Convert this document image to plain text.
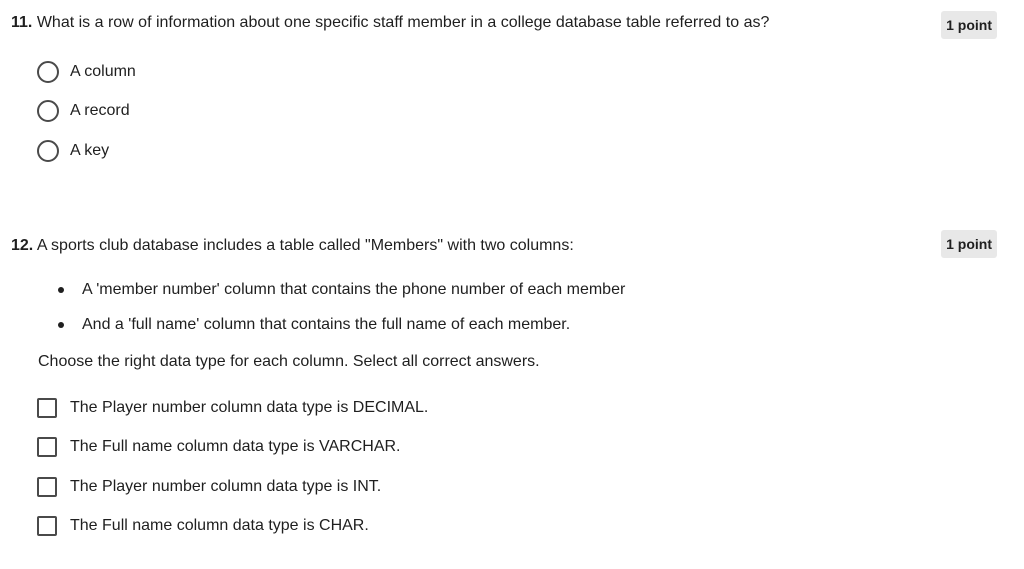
11. What is a row of information about one specific staff member in a college database table referred to as?	1 point
A column
A record
A key
12. A sports club database includes a table called "Members" with two columns:	1 point
A 'member number' column that contains the phone number of each member
And a 'full name' column that contains the full name of each member.
Choose the right data type for each column. Select all correct answers.
The Player number column data type is DECIMAL.
The Full name column data type is VARCHAR.
The Player number column data type is INT.
The Full name column data type is CHAR.
